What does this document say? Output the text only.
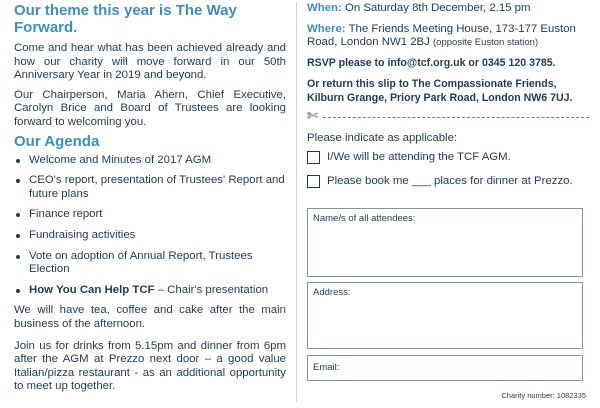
Our theme this year is The Way Forward.

Come and hear what has been achieved already and how our charity will move forward in our 50th Anniversary Year in 2019 and beyond.

Our Chairperson, Maria Ahern, Chief Executive, Carolyn Brice and Board of Trustees are looking forward to welcoming you.

Our Agenda
Welcome and Minutes of 2017 AGM
CEO's report, presentation of Trustees' Report and future plans
Finance report
Fundraising activities
Vote on adoption of Annual Report, Trustees Election
How You Can Help TCF – Chair's presentation

We will have tea, coffee and cake after the main business of the afternoon.

Join us for drinks from 5.15pm and dinner from 6pm after the AGM at Prezzo next door – a good value Italian/pizza restaurant - as an additional opportunity to meet up together.

When: On Saturday 8th December, 2.15 pm

Where: The Friends Meeting House, 173-177 Euston Road, London NW1 2BJ (opposite Euston station)

RSVP please to info@tcf.org.uk or 0345 120 3785.

Or return this slip to The Compassionate Friends, Kilburn Grange, Priory Park Road, London NW6 7UJ.

✄

Please indicate as applicable:

I/We will be attending the TCF AGM.
Please book me ___ places for dinner at Prezzo.
Name/s of all attendees:
Address:
Email:
Charity number: 1082335
